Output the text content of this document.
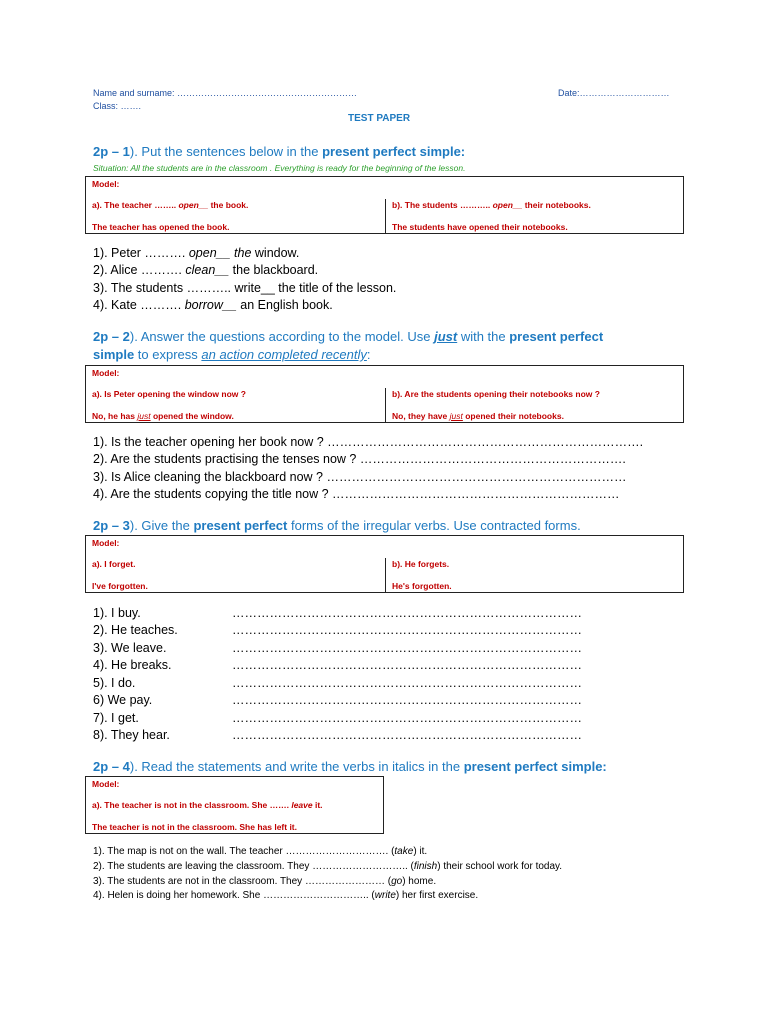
Name and surname: ……………………………………………………	Date:…………………………
Class: …….
TEST PAPER
2p – 1). Put the sentences below in the present perfect simple:
Situation: All the students are in the classroom . Everything is ready for the beginning of the lesson.
Model:
a). The teacher …….. open__ the book.
The teacher has opened the book.
b). The students ……….. open__ their notebooks.
The students have opened their notebooks.
1). Peter ………. open__ the window.
2). Alice ………. clean__ the blackboard.
3). The students ……….. write__ the title of the lesson.
4). Kate ………. borrow__ an English book.
2p – 2). Answer the questions according to the model. Use just with the present perfect
simple to express an action completed recently:
Model:
a). Is Peter opening the window now ?
No, he has just opened the window.
b). Are the students opening their notebooks now ?
No, they have just opened their notebooks.
1). Is the teacher opening her book now ? ………………………………………………………………….
2). Are the students practising the tenses now ? ……………………………………………………….
3). Is Alice cleaning the blackboard now ? ………………………………………………………………
4). Are the students copying the title now ? ……………………………………………………………
2p – 3). Give the present perfect forms of the irregular verbs. Use contracted forms.
Model:
a). I forget.
I've forgotten.
b). He forgets.
He's forgotten.
1). I buy.	…………………………………………………………………………
2). He teaches.	…………………………………………………………………………
3). We leave.	…………………………………………………………………………
4). He breaks.	…………………………………………………………………………
5). I do.	…………………………………………………………………………
6) We pay.	…………………………………………………………………………
7). I get.	…………………………………………………………………………
8). They hear.	…………………………………………………………………………
2p – 4). Read the statements and write the verbs in italics in the present perfect simple:
Model:
a). The teacher is not in the classroom. She ……. leave it.
The teacher is not in the classroom. She has left it.
1). The map is not on the wall. The teacher …………………………. (take) it.
2). The students are leaving the classroom. They ……………………….. (finish) their school work for today.
3). The students are not in the classroom. They …………………… (go) home.
4). Helen is doing her homework. She ………………………….. (write) her first exercise.
